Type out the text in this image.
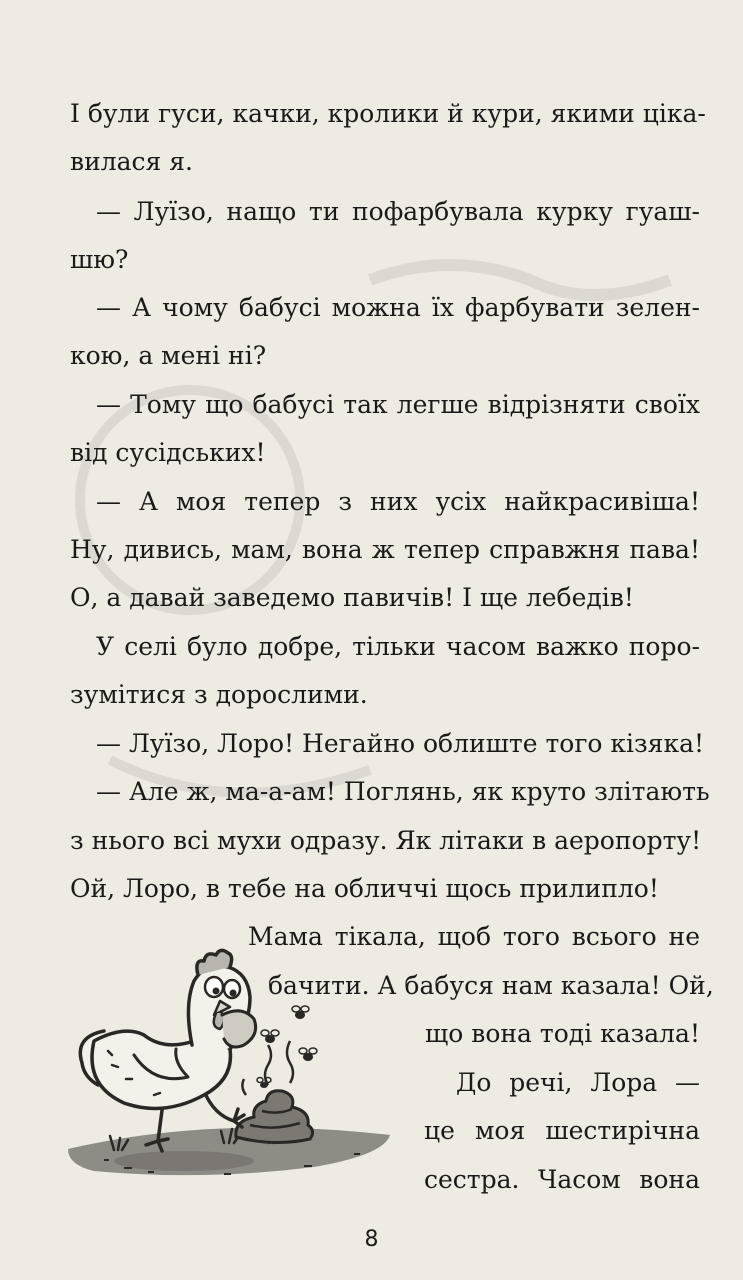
І були гуси, качки, кролики й кури, якими ціка-
вилася я.
— Луїзо, нащо ти пофарбувала курку гуаш-
шю?
— А чому бабусі можна їх фарбувати зелен-
кою, а мені ні?
— Тому що бабусі так легше відрізняти своїх
від сусідських!
— А моя тепер з них усіх найкрасивіша!
Ну, дивись, мам, вона ж тепер справжня пава!
О, а давай заведемо павичів! І ще лебедів!
У селі було добре, тільки часом важко поро-
зумітися з дорослими.
— Луїзо, Лоро! Негайно облиште того кізяка!
— Але ж, ма-а-ам! Поглянь, як круто злітають
з нього всі мухи одразу. Як літаки в аеропорту!
Ой, Лоро, в тебе на обличчі щось прилипло!
Мама тікала, щоб того всього не
бачити. А бабуся нам казала! Ой,
що вона тоді казала!
До речі, Лора —
це моя шестирічна
сестра. Часом вона
8
